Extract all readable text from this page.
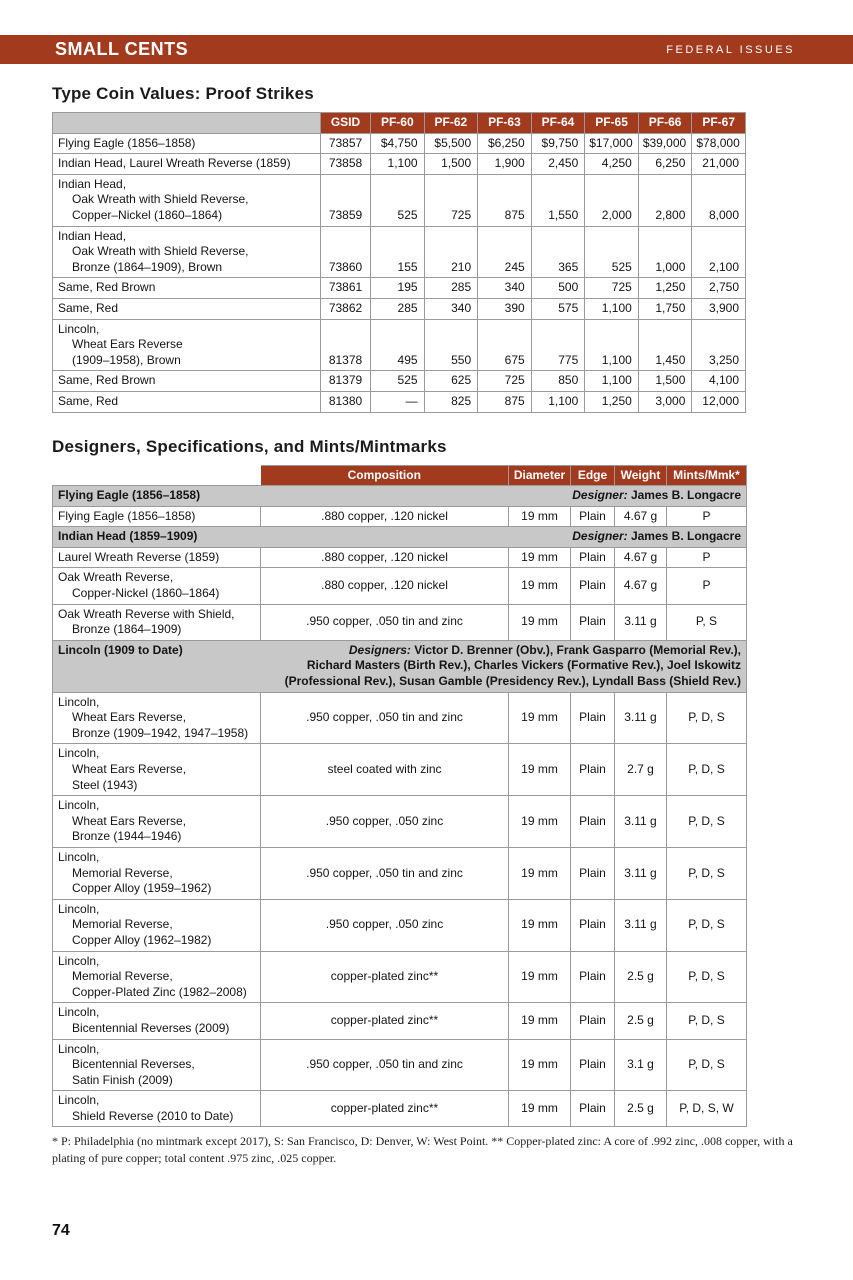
SMALL CENTS	FEDERAL ISSUES
Type Coin Values: Proof Strikes
	GSID	PF-60	PF-62	PF-63	PF-64	PF-65	PF-66	PF-67

Flying Eagle (1856–1858)	73857	$4,750	$5,500	$6,250	$9,750	$17,000	$39,000	$78,000

Indian Head, Laurel Wreath Reverse (1859)	73858	1,100	1,500	1,900	2,450	4,250	6,250	21,000

Indian Head,
Oak Wreath with Shield Reverse,
Copper–Nickel (1860–1864)	73859	525	725	875	1,550	2,000	2,800	8,000

Indian Head,
Oak Wreath with Shield Reverse,
Bronze (1864–1909), Brown	73860	155	210	245	365	525	1,000	2,100

Same, Red Brown	73861	195	285	340	500	725	1,250	2,750

Same, Red	73862	285	340	390	575	1,100	1,750	3,900

Lincoln,
Wheat Ears Reverse
(1909–1958), Brown	81378	495	550	675	775	1,100	1,450	3,250

Same, Red Brown	81379	525	625	725	850	1,100	1,500	4,100

Same, Red	81380	—	825	875	1,100	1,250	3,000	12,000
Designers, Specifications, and Mints/Mintmarks
	Composition	Diameter	Edge	Weight	Mints/Mmk*

Flying Eagle (1856–1858) Designer: James B. Longacre					

Flying Eagle (1856–1858)	.880 copper, .120 nickel	19 mm	Plain	4.67 g	P

Indian Head (1859–1909) Designer: James B. Longacre					

Laurel Wreath Reverse (1859)	.880 copper, .120 nickel	19 mm	Plain	4.67 g	P

Oak Wreath Reverse,
Copper-Nickel (1860–1864)	.880 copper, .120 nickel	19 mm	Plain	4.67 g	P

Oak Wreath Reverse with Shield,
Bronze (1864–1909)	.950 copper, .050 tin and zinc	19 mm	Plain	3.11 g	P, S

Lincoln (1909 to Date) Designers: Victor D. Brenner (Obv.), Frank Gasparro (Memorial Rev.),
Richard Masters (Birth Rev.), Charles Vickers (Formative Rev.), Joel Iskowitz
(Professional Rev.), Susan Gamble (Presidency Rev.), Lyndall Bass (Shield Rev.)					

Lincoln,
Wheat Ears Reverse,
Bronze (1909–1942, 1947–1958)	.950 copper, .050 tin and zinc	19 mm	Plain	3.11 g	P, D, S

Lincoln,
Wheat Ears Reverse,
Steel (1943)	steel coated with zinc	19 mm	Plain	2.7 g	P, D, S

Lincoln,
Wheat Ears Reverse,
Bronze (1944–1946)	.950 copper, .050 zinc	19 mm	Plain	3.11 g	P, D, S

Lincoln,
Memorial Reverse,
Copper Alloy (1959–1962)	.950 copper, .050 tin and zinc	19 mm	Plain	3.11 g	P, D, S

Lincoln,
Memorial Reverse,
Copper Alloy (1962–1982)	.950 copper, .050 zinc	19 mm	Plain	3.11 g	P, D, S

Lincoln,
Memorial Reverse,
Copper-Plated Zinc (1982–2008)	copper-plated zinc**	19 mm	Plain	2.5 g	P, D, S

Lincoln,
Bicentennial Reverses (2009)	copper-plated zinc**	19 mm	Plain	2.5 g	P, D, S

Lincoln,
Bicentennial Reverses,
Satin Finish (2009)	.950 copper, .050 tin and zinc	19 mm	Plain	3.1 g	P, D, S

Lincoln,
Shield Reverse (2010 to Date)	copper-plated zinc**	19 mm	Plain	2.5 g	P, D, S, W

* P: Philadelphia (no mintmark except 2017), S: San Francisco, D: Denver, W: West Point. ** Copper-plated zinc: A core of .992 zinc, .008 copper, with a plating of pure copper; total content .975 zinc, .025 copper.

74
